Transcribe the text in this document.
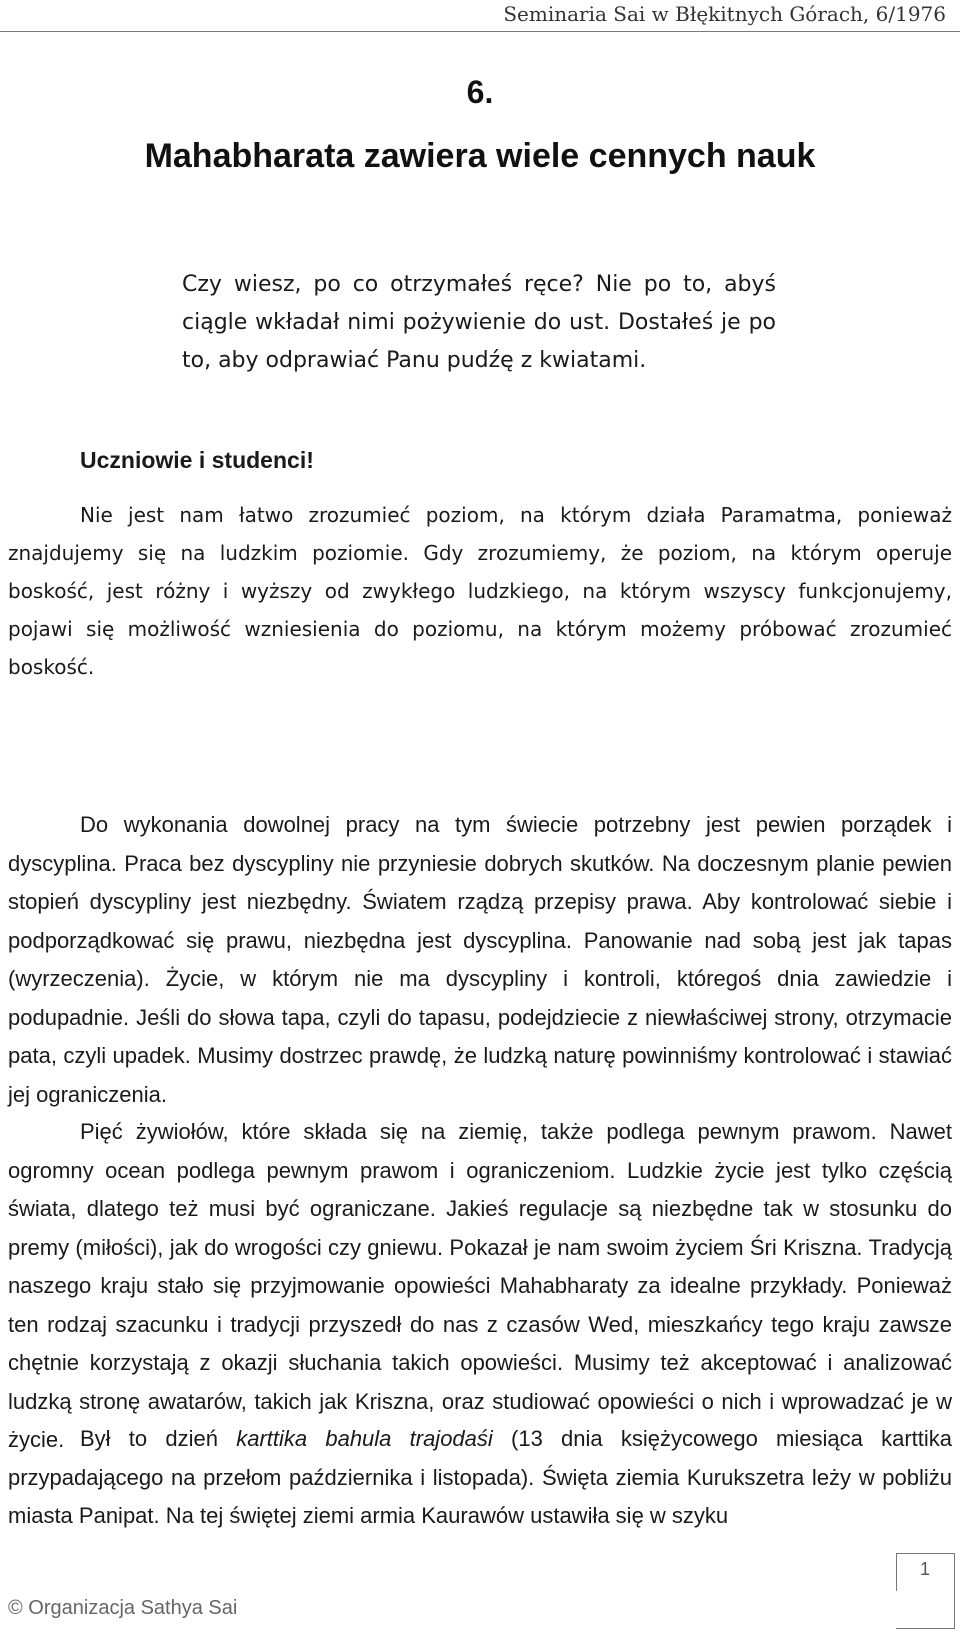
Seminaria Sai w Błękitnych Górach, 6/1976
6.
Mahabharata zawiera wiele cennych nauk
Czy wiesz, po co otrzymałeś ręce? Nie po to, abyś ciągle wkładał nimi pożywienie do ust. Dostałeś je po to, aby odprawiać Panu pudźę z kwiatami.
Uczniowie i studenci!

Nie jest nam łatwo zrozumieć poziom, na którym działa Paramatma, ponieważ znajdujemy się na ludzkim poziomie. Gdy zrozumiemy, że poziom, na którym operuje boskość, jest różny i wyższy od zwykłego ludzkiego, na którym wszyscy funkcjonujemy, pojawi się możliwość wzniesienia do poziomu, na którym możemy próbować zrozumieć boskość.

Do wykonania dowolnej pracy na tym świecie potrzebny jest pewien porządek i dyscyplina. Praca bez dyscypliny nie przyniesie dobrych skutków. Na doczesnym planie pewien stopień dyscypliny jest niezbędny. Światem rządzą przepisy prawa. Aby kontrolować siebie i podporządkować się prawu, niezbędna jest dyscyplina. Panowanie nad sobą jest jak tapas (wyrzeczenia). Życie, w którym nie ma dyscypliny i kontroli, któregoś dnia zawiedzie i podupadnie. Jeśli do słowa tapa, czyli do tapasu, podejdziecie z niewłaściwej strony, otrzymacie pata, czyli upadek. Musimy dostrzec prawdę, że ludzką naturę powinniśmy kontrolować i stawiać jej ograniczenia.

Pięć żywiołów, które składa się na ziemię, także podlega pewnym prawom. Nawet ogromny ocean podlega pewnym prawom i ograniczeniom. Ludzkie życie jest tylko częścią świata, dlatego też musi być ograniczane. Jakieś regulacje są niezbędne tak w stosunku do premy (miłości), jak do wrogości czy gniewu. Pokazał je nam swoim życiem Śri Kriszna. Tradycją naszego kraju stało się przyjmowanie opowieści Mahabharaty za idealne przykłady. Ponieważ ten rodzaj szacunku i tradycji przyszedł do nas z czasów Wed, mieszkańcy tego kraju zawsze chętnie korzystają z okazji słuchania takich opowieści. Musimy też akceptować i analizować ludzką stronę awatarów, takich jak Kriszna, oraz studiować opowieści o nich i wprowadzać je w życie. Był to dzień karttika bahula trajodaśi (13 dnia księżycowego miesiąca karttika przypadającego na przełom października i listopada). Święta ziemia Kurukszetra leży w pobliżu miasta Panipat. Na tej świętej ziemi armia Kaurawów ustawiła się w szyku

© Organizacja Sathya Sai
1
